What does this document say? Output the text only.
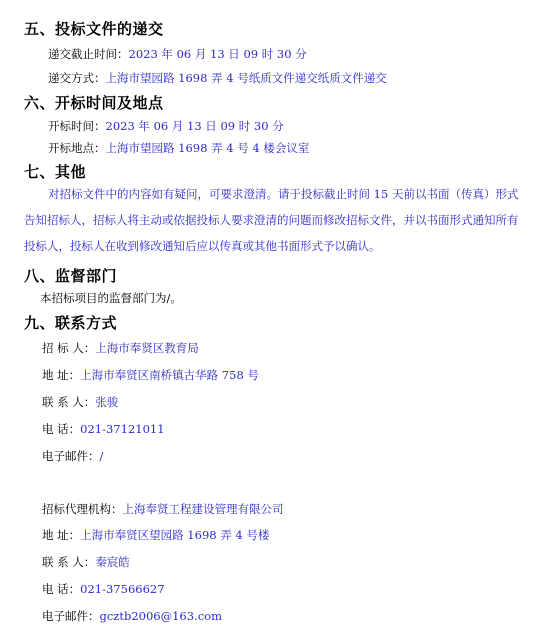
五、投标文件的递交
递交截止时间：2023 年 06 月 13 日 09 时 30 分
递交方式：上海市望园路 1698 弄 4 号纸质文件递交纸质文件递交
六、开标时间及地点
开标时间：2023 年 06 月 13 日 09 时 30 分
开标地点：上海市望园路 1698 弄 4 号 4 楼会议室
七、其他
对招标文件中的内容如有疑问，可要求澄清。请于投标截止时间 15 天前以书面（传真）形式告知招标人，招标人将主动或依据投标人要求澄清的问题而修改招标文件，并以书面形式通知所有投标人，投标人在收到修改通知后应以传真或其他书面形式予以确认。
八、监督部门
本招标项目的监督部门为/。
九、联系方式
招 标 人：上海市奉贤区教育局
地 址：上海市奉贤区南桥镇古华路 758 号
联 系 人：张骏
电 话：021-37121011
电子邮件：/
招标代理机构：上海奉贤工程建设管理有限公司
地 址：上海市奉贤区望园路 1698 弄 4 号楼
联 系 人：秦宸皓
电 话：021-37566627
电子邮件：gcztb2006@163.com
